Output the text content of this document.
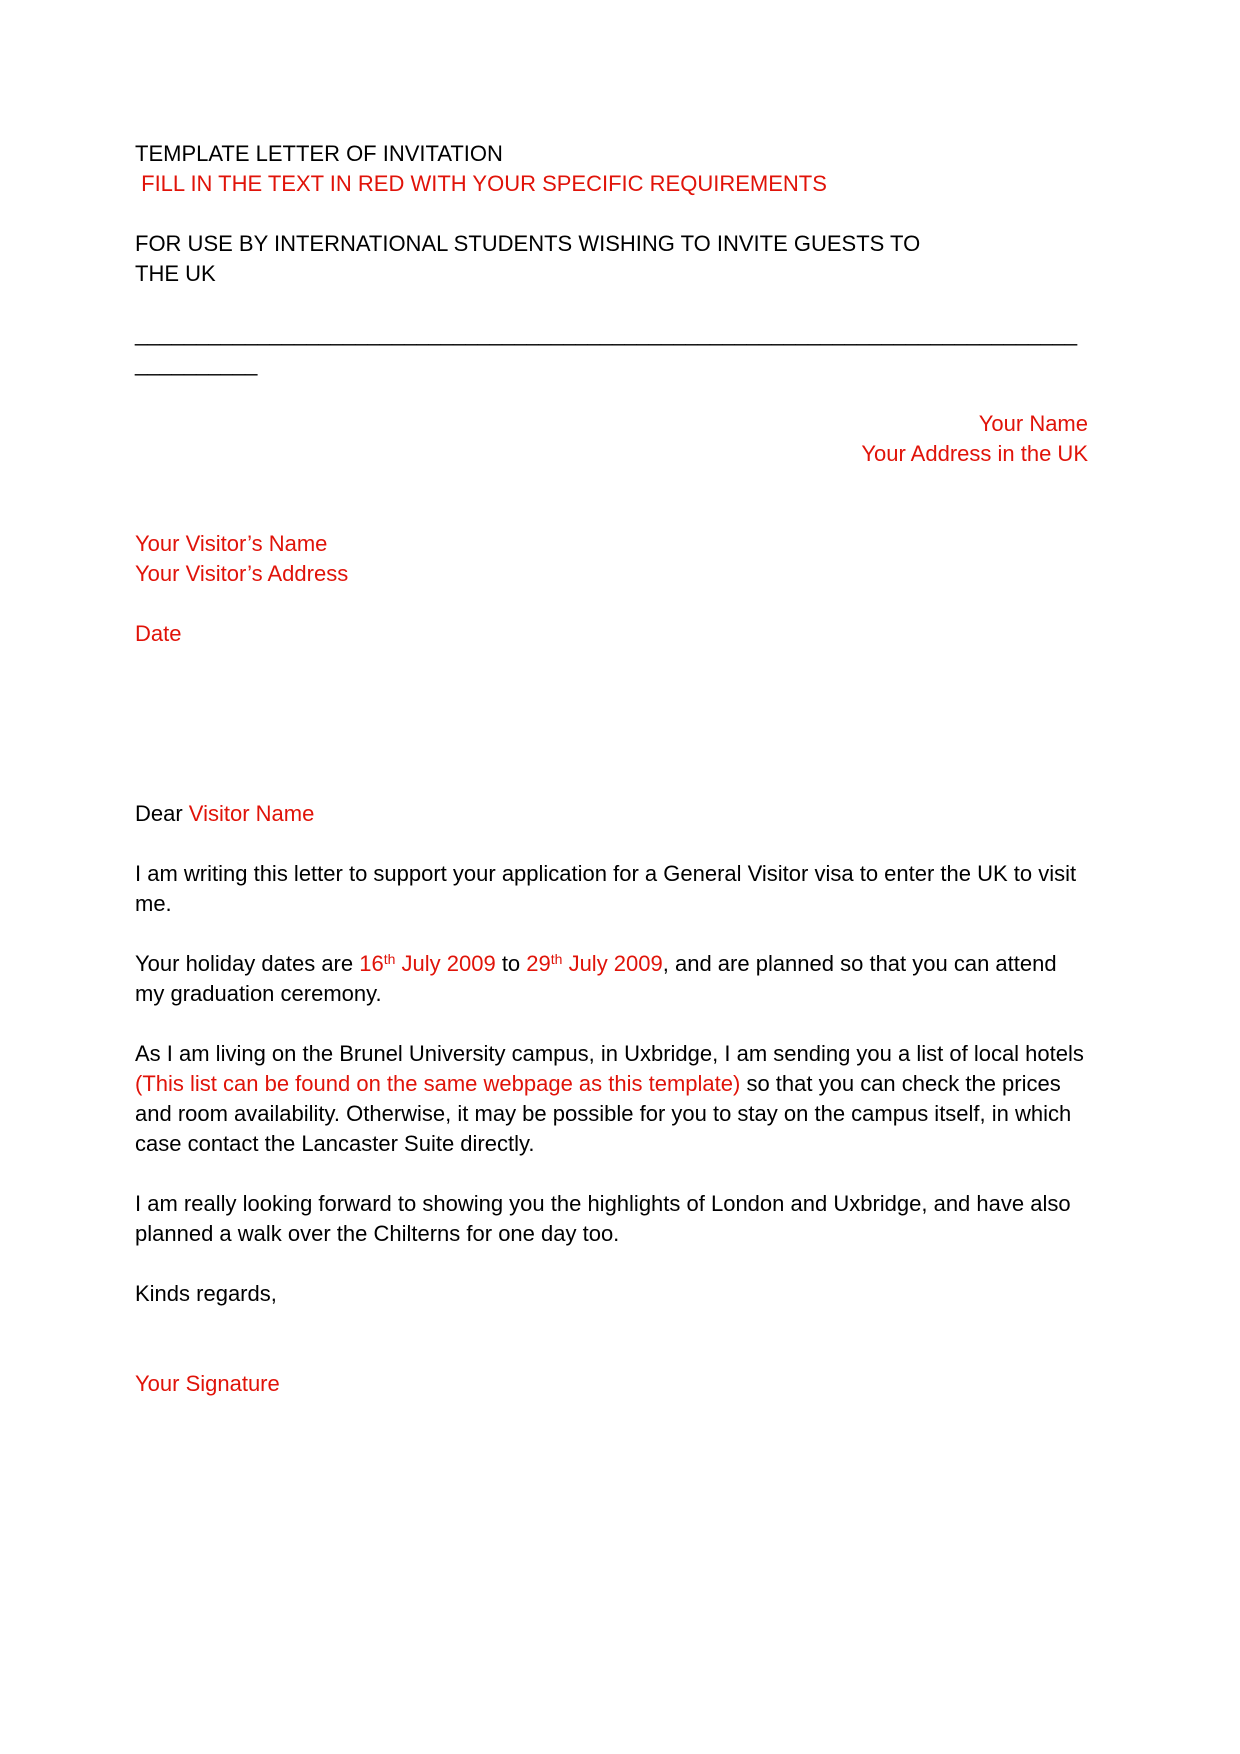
TEMPLATE LETTER OF INVITATION

FILL IN THE TEXT IN RED WITH YOUR SPECIFIC REQUIREMENTS

FOR USE BY INTERNATIONAL STUDENTS WISHING TO INVITE GUESTS TO
THE UK

_____________________________________________________________________________

__________

Your Name

Your Address in the UK

Your Visitor’s Name

Your Visitor’s Address

Date

Dear Visitor Name

I am writing this letter to support your application for a General Visitor visa to enter the UK to visit me.

Your holiday dates are 16th July 2009 to 29th July 2009, and are planned so that you can attend my graduation ceremony.

As I am living on the Brunel University campus, in Uxbridge, I am sending you a list of local hotels (This list can be found on the same webpage as this template) so that you can check the prices and room availability. Otherwise, it may be possible for you to stay on the campus itself, in which case contact the Lancaster Suite directly.

I am really looking forward to showing you the highlights of London and Uxbridge, and have also planned a walk over the Chilterns for one day too.

Kinds regards,

Your Signature
